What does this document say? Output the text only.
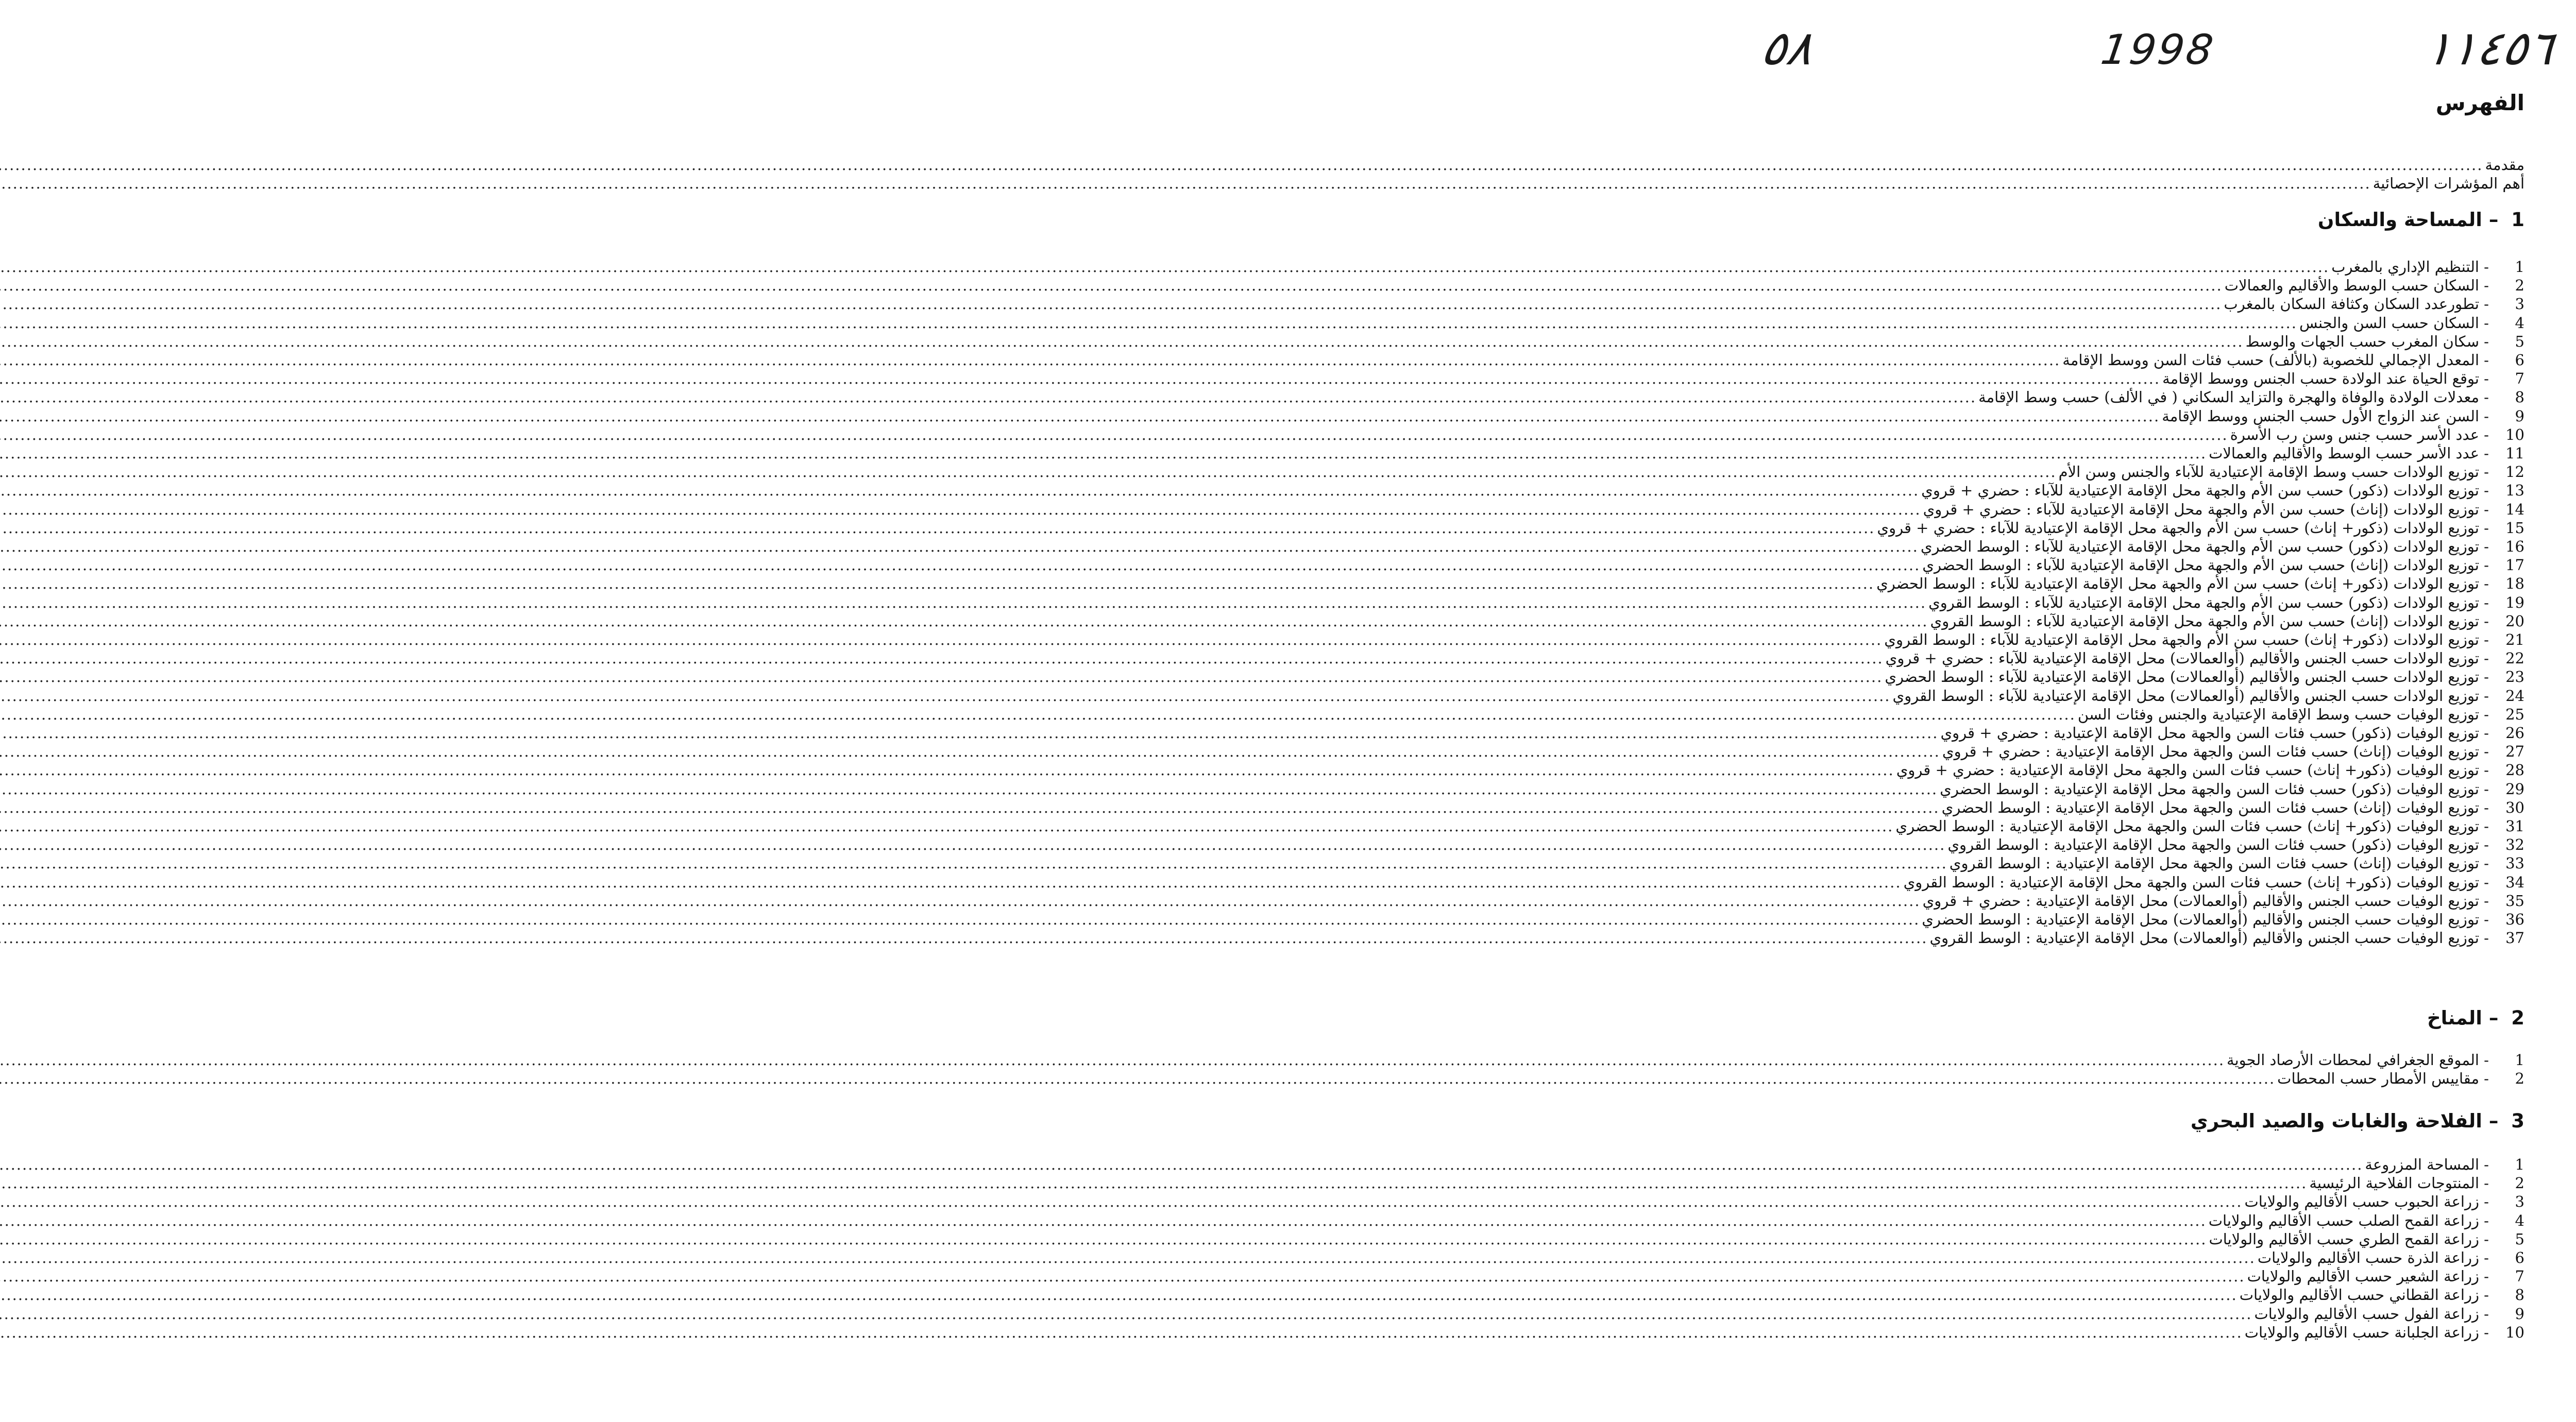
٥٨	1998	١١٤٥٦
الفهرس
مقدمة
.....
أهم المؤشرات الإحصائية
.....
1 – المساحة والسكان
1
-
التنظيم الإداري بالمغرب
.....
2
-
السكان حسب الوسط والأقاليم والعمالات
.....
3
-
تطورعدد السكان وكثافة السكان بالمغرب
.....
4
-
السكان حسب السن والجنس
.....
5
-
سكان المغرب حسب الجهات والوسط
.....
6
-
المعدل الإجمالي للخصوبة (بالألف) حسب فئات السن ووسط الإقامة
.....
7
-
توقع الحياة عند الولادة حسب الجنس ووسط الإقامة
.....
8
-
معدلات الولادة والوفاة والهجرة والتزايد السكاني ( في الألف) حسب وسط الإقامة
.....
9
-
السن عند الزواج الأول حسب الجنس ووسط الإقامة
.....
10
-
عدد الأسر حسب جنس وسن رب الأسرة
.....
11
-
عدد الأسر حسب الوسط والأقاليم والعمالات
.....
12
-
توزيع الولادات حسب وسط الإقامة الإعتيادية للآباء والجنس وسن الأم
.....
13
-
توزيع الولادات (ذكور) حسب سن الأم والجهة محل الإقامة الإعتيادية للآباء : حضري + قروي
.....
14
-
توزيع الولادات (إناث) حسب سن الأم والجهة محل الإقامة الإعتيادية للآباء : حضري + قروي
.....
15
-
توزيع الولادات (ذكور+ إناث) حسب سن الأم والجهة محل الإقامة الإعتيادية للآباء : حضري + قروي
.....
16
-
توزيع الولادات (ذكور) حسب سن الأم والجهة محل الإقامة الإعتيادية للآباء : الوسط الحضري
.....
17
-
توزيع الولادات (إناث) حسب سن الأم والجهة محل الإقامة الإعتيادية للآباء : الوسط الحضري
.....
18
-
توزيع الولادات (ذكور+ إناث) حسب سن الأم والجهة محل الإقامة الإعتيادية للآباء : الوسط الحضري
.....
19
-
توزيع الولادات (ذكور) حسب سن الأم والجهة محل الإقامة الإعتيادية للآباء : الوسط القروي
.....
20
-
توزيع الولادات (إناث) حسب سن الأم والجهة محل الإقامة الإعتيادية للآباء : الوسط القروي
.....
21
-
توزيع الولادات (ذكور+ إناث) حسب سن الأم والجهة محل الإقامة الإعتيادية للآباء : الوسط القروي
.....
22
-
توزيع الولادات حسب الجنس والأقاليم (أوالعمالات) محل الإقامة الإعتيادية للآباء : حضري + قروي
.....
23
-
توزيع الولادات حسب الجنس والأقاليم (أوالعمالات) محل الإقامة الإعتيادية للآباء : الوسط الحضري
.....
24
-
توزيع الولادات حسب الجنس والأقاليم (أوالعمالات) محل الإقامة الإعتيادية للآباء : الوسط القروي
.....
25
-
توزيع الوفيات حسب وسط الإقامة الإعتيادية والجنس وفئات السن
.....
26
-
توزيع الوفيات (ذكور) حسب فئات السن والجهة محل الإقامة الإعتيادية : حضري + قروي
.....
27
-
توزيع الوفيات (إناث) حسب فئات السن والجهة محل الإقامة الإعتيادية : حضري + قروي
.....
28
-
توزيع الوفيات (ذكور+ إناث) حسب فئات السن والجهة محل الإقامة الإعتيادية : حضري + قروي
.....
29
-
توزيع الوفيات (ذكور) حسب فئات السن والجهة محل الإقامة الإعتيادية : الوسط الحضري
.....
30
-
توزيع الوفيات (إناث) حسب فئات السن والجهة محل الإقامة الإعتيادية : الوسط الحضري
.....
31
-
توزيع الوفيات (ذكور+ إناث) حسب فئات السن والجهة محل الإقامة الإعتيادية : الوسط الحضري
.....
32
-
توزيع الوفيات (ذكور) حسب فئات السن والجهة محل الإقامة الإعتيادية : الوسط القروي
.....
33
-
توزيع الوفيات (إناث) حسب فئات السن والجهة محل الإقامة الإعتيادية : الوسط القروي
.....
34
-
توزيع الوفيات (ذكور+ إناث) حسب فئات السن والجهة محل الإقامة الإعتيادية : الوسط القروي
.....
35
-
توزيع الوفيات حسب الجنس والأقاليم (أوالعمالات) محل الإقامة الإعتيادية : حضري + قروي
.....
36
-
توزيع الوفيات حسب الجنس والأقاليم (أوالعمالات) محل الإقامة الإعتيادية : الوسط الحضري
.....
37
-
توزيع الوفيات حسب الجنس والأقاليم (أوالعمالات) محل الإقامة الإعتيادية : الوسط القروي
.....
2 – المناخ
1
-
الموقع الجغرافي لمحطات الأرصاد الجوية
.....
2
-
مقاييس الأمطار حسب المحطات
.....
3 – الفلاحة والغابات والصيد البحري
1
-
المساحة المزروعة
.....
2
-
المنتوجات الفلاحية الرئيسية
.....
3
-
زراعة الحبوب حسب الأقاليم والولايات
.....
4
-
زراعة القمح الصلب حسب الأقاليم والولايات
.....
5
-
زراعة القمح الطري حسب الأقاليم والولايات
.....
6
-
زراعة الذرة حسب الأقاليم والولايات
.....
7
-
زراعة الشعير حسب الأقاليم والولايات
.....
8
-
زراعة القطاني حسب الأقاليم والولايات
.....
9
-
زراعة الفول حسب الأقاليم والولايات
.....
10
-
زراعة الجلبانة حسب الأقاليم والولايات
.....
